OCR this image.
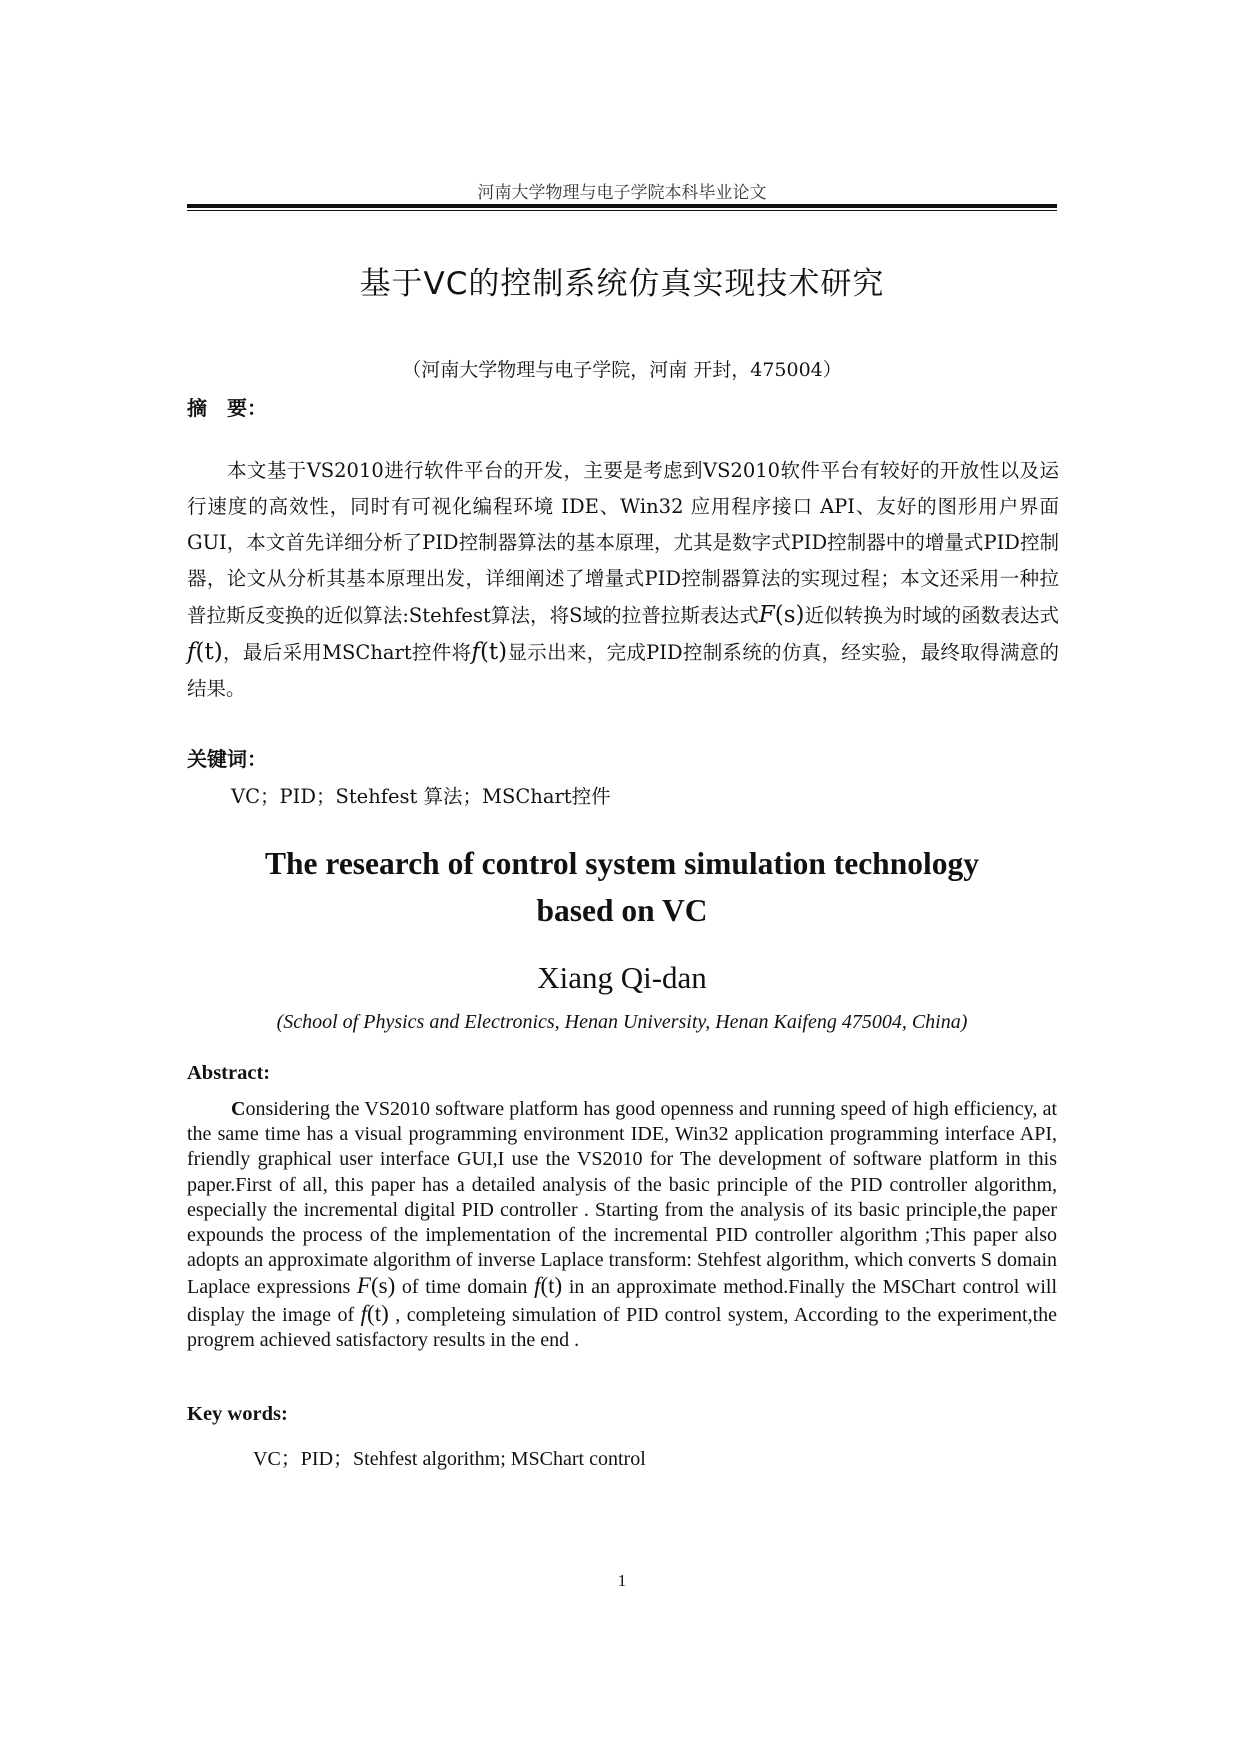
河南大学物理与电子学院本科毕业论文
基于VC的控制系统仿真实现技术研究
（河南大学物理与电子学院，河南 开封，475004）
摘　要：
本文基于VS2010进行软件平台的开发，主要是考虑到VS2010软件平台有较好的开放性以及运行速度的高效性，同时有可视化编程环境 IDE、Win32 应用程序接口 API、友好的图形用户界面 GUI，本文首先详细分析了PID控制器算法的基本原理，尤其是数字式PID控制器中的增量式PID控制器，论文从分析其基本原理出发，详细阐述了增量式PID控制器算法的实现过程；本文还采用一种拉普拉斯反变换的近似算法:Stehfest算法，将S域的拉普拉斯表达式F(s)近似转换为时域的函数表达式f(t)，最后采用MSChart控件将f(t)显示出来，完成PID控制系统的仿真，经实验，最终取得满意的结果。
关键词：
VC；PID；Stehfest 算法；MSChart控件
The research of control system simulation technology
based on VC
Xiang Qi-dan
(School of Physics and Electronics, Henan University, Henan Kaifeng 475004, China)
Abstract:
Considering the VS2010 software platform has good openness and running speed of high efficiency, at the same time has a visual programming environment IDE, Win32 application programming interface API, friendly graphical user interface GUI,I use the VS2010 for The development of software platform in this paper.First of all, this paper has a detailed analysis of the basic principle of the PID controller algorithm, especially the incremental digital PID controller . Starting from the analysis of its basic principle,the paper expounds the process of the implementation of the incremental PID controller algorithm ;This paper also adopts an approximate algorithm of inverse Laplace transform: Stehfest algorithm, which converts S domain Laplace expressions F(s) of time domain f(t) in an approximate method.Finally the MSChart control will display the image of f(t) , completeing simulation of PID control system, According to the experiment,the progrem achieved satisfactory results in the end .
Key words:
VC；PID；Stehfest algorithm; MSChart control
1
